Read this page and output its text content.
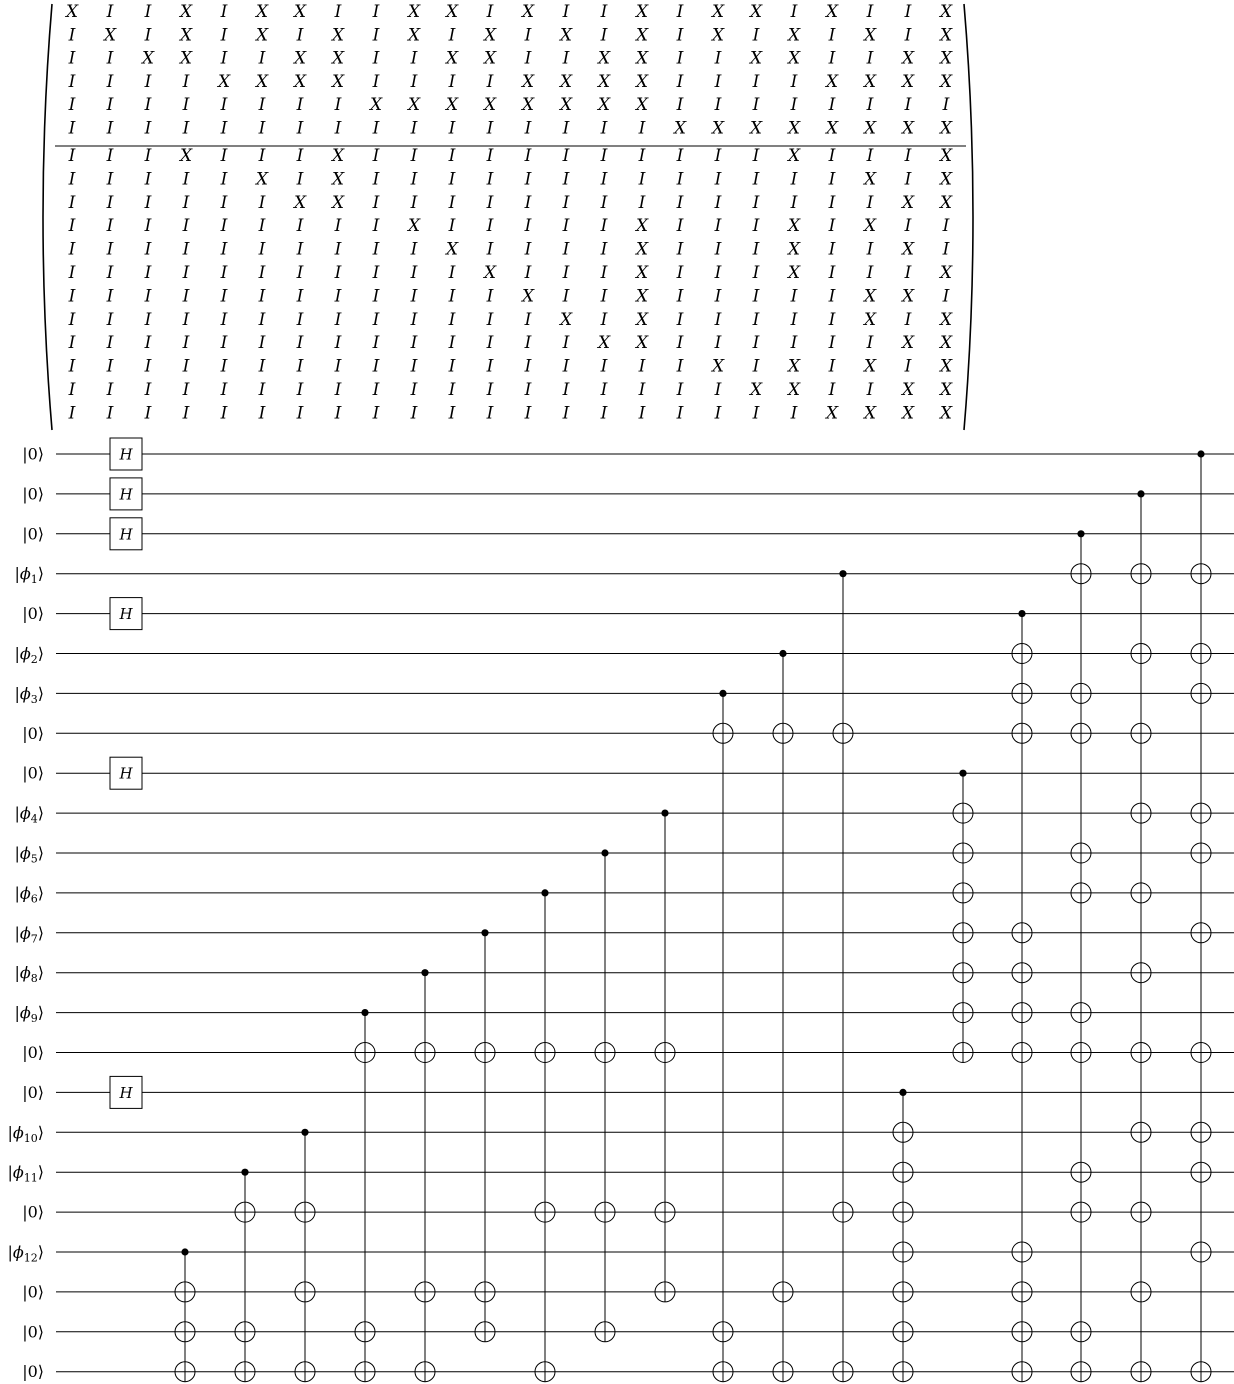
X I I X I X X I I X X I X I I X I X X I X I I X
I X I X I X I X I X I X I X I X I X I X I X I X
I I X X I I X X I I X X I I X X I I X X I I X X
I I I I X X X X I I I I X X X X I I I I X X X X
I I I I I I I I X X X X X X X X I I I I I I I I
I I I I I I I I I I I I I I I I X X X X X X X X
I I I X I I I X I I I I I I I I I I I X I I I X
I I I I I X I X I I I I I I I I I I I I I X I X
I I I I I I X X I I I I I I I I I I I I I I X X
I I I I I I I I I X I I I I I X I I I X I X I I
I I I I I I I I I I X I I I I X I I I X I I X I
I I I I I I I I I I I X I I I X I I I X I I I X
I I I I I I I I I I I I X I I X I I I I I X X I
I I I I I I I I I I I I I X I X I I I I I X I X
I I I I I I I I I I I I I I X X I I I I I I X X
I I I I I I I I I I I I I I I I I X I X I X I X
I I I I I I I I I I I I I I I I I I X X I I X X
I I I I I I I I I I I I I I I I I I I I X X X X
|0⟩
|0⟩
|0⟩
$|\phi_1⟩$
|0⟩
$|\phi_2⟩$
$|\phi_3⟩$
|0⟩
|0⟩
$|\phi_4⟩$
$|\phi_5⟩$
$|\phi_6⟩$
$|\phi_7⟩$
$|\phi_8⟩$
$|\phi_9⟩$
|0⟩
|0⟩
$|\phi_{10}⟩$
$|\phi_{11}⟩$
|0⟩
$|\phi_{12}⟩$
|0⟩
|0⟩
|0⟩
H
H
H
H
H
H
